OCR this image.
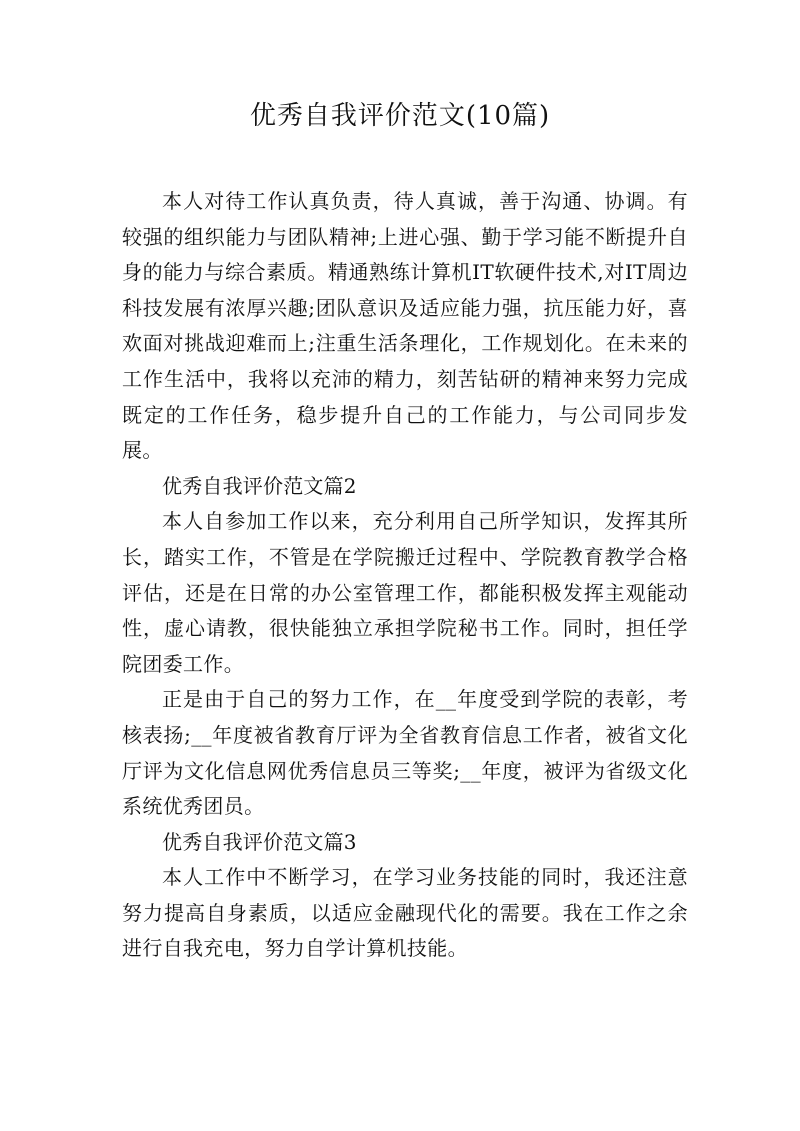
优秀自我评价范文(10篇)

本人对待工作认真负责，待人真诚，善于沟通、协调。有较强的组织能力与团队精神;上进心强、勤于学习能不断提升自身的能力与综合素质。精通熟练计算机IT软硬件技术,对IT周边科技发展有浓厚兴趣;团队意识及适应能力强，抗压能力好，喜欢面对挑战迎难而上;注重生活条理化，工作规划化。在未来的工作生活中，我将以充沛的精力，刻苦钻研的精神来努力完成既定的工作任务，稳步提升自己的工作能力，与公司同步发展。

优秀自我评价范文篇2

本人自参加工作以来，充分利用自己所学知识，发挥其所长，踏实工作，不管是在学院搬迁过程中、学院教育教学合格评估，还是在日常的办公室管理工作，都能积极发挥主观能动性，虚心请教，很快能独立承担学院秘书工作。同时，担任学院团委工作。

正是由于自己的努力工作，在__年度受到学院的表彰，考核表扬;__年度被省教育厅评为全省教育信息工作者，被省文化厅评为文化信息网优秀信息员三等奖;__年度，被评为省级文化系统优秀团员。

优秀自我评价范文篇3

本人工作中不断学习，在学习业务技能的同时，我还注意努力提高自身素质，以适应金融现代化的需要。我在工作之余进行自我充电，努力自学计算机技能。
